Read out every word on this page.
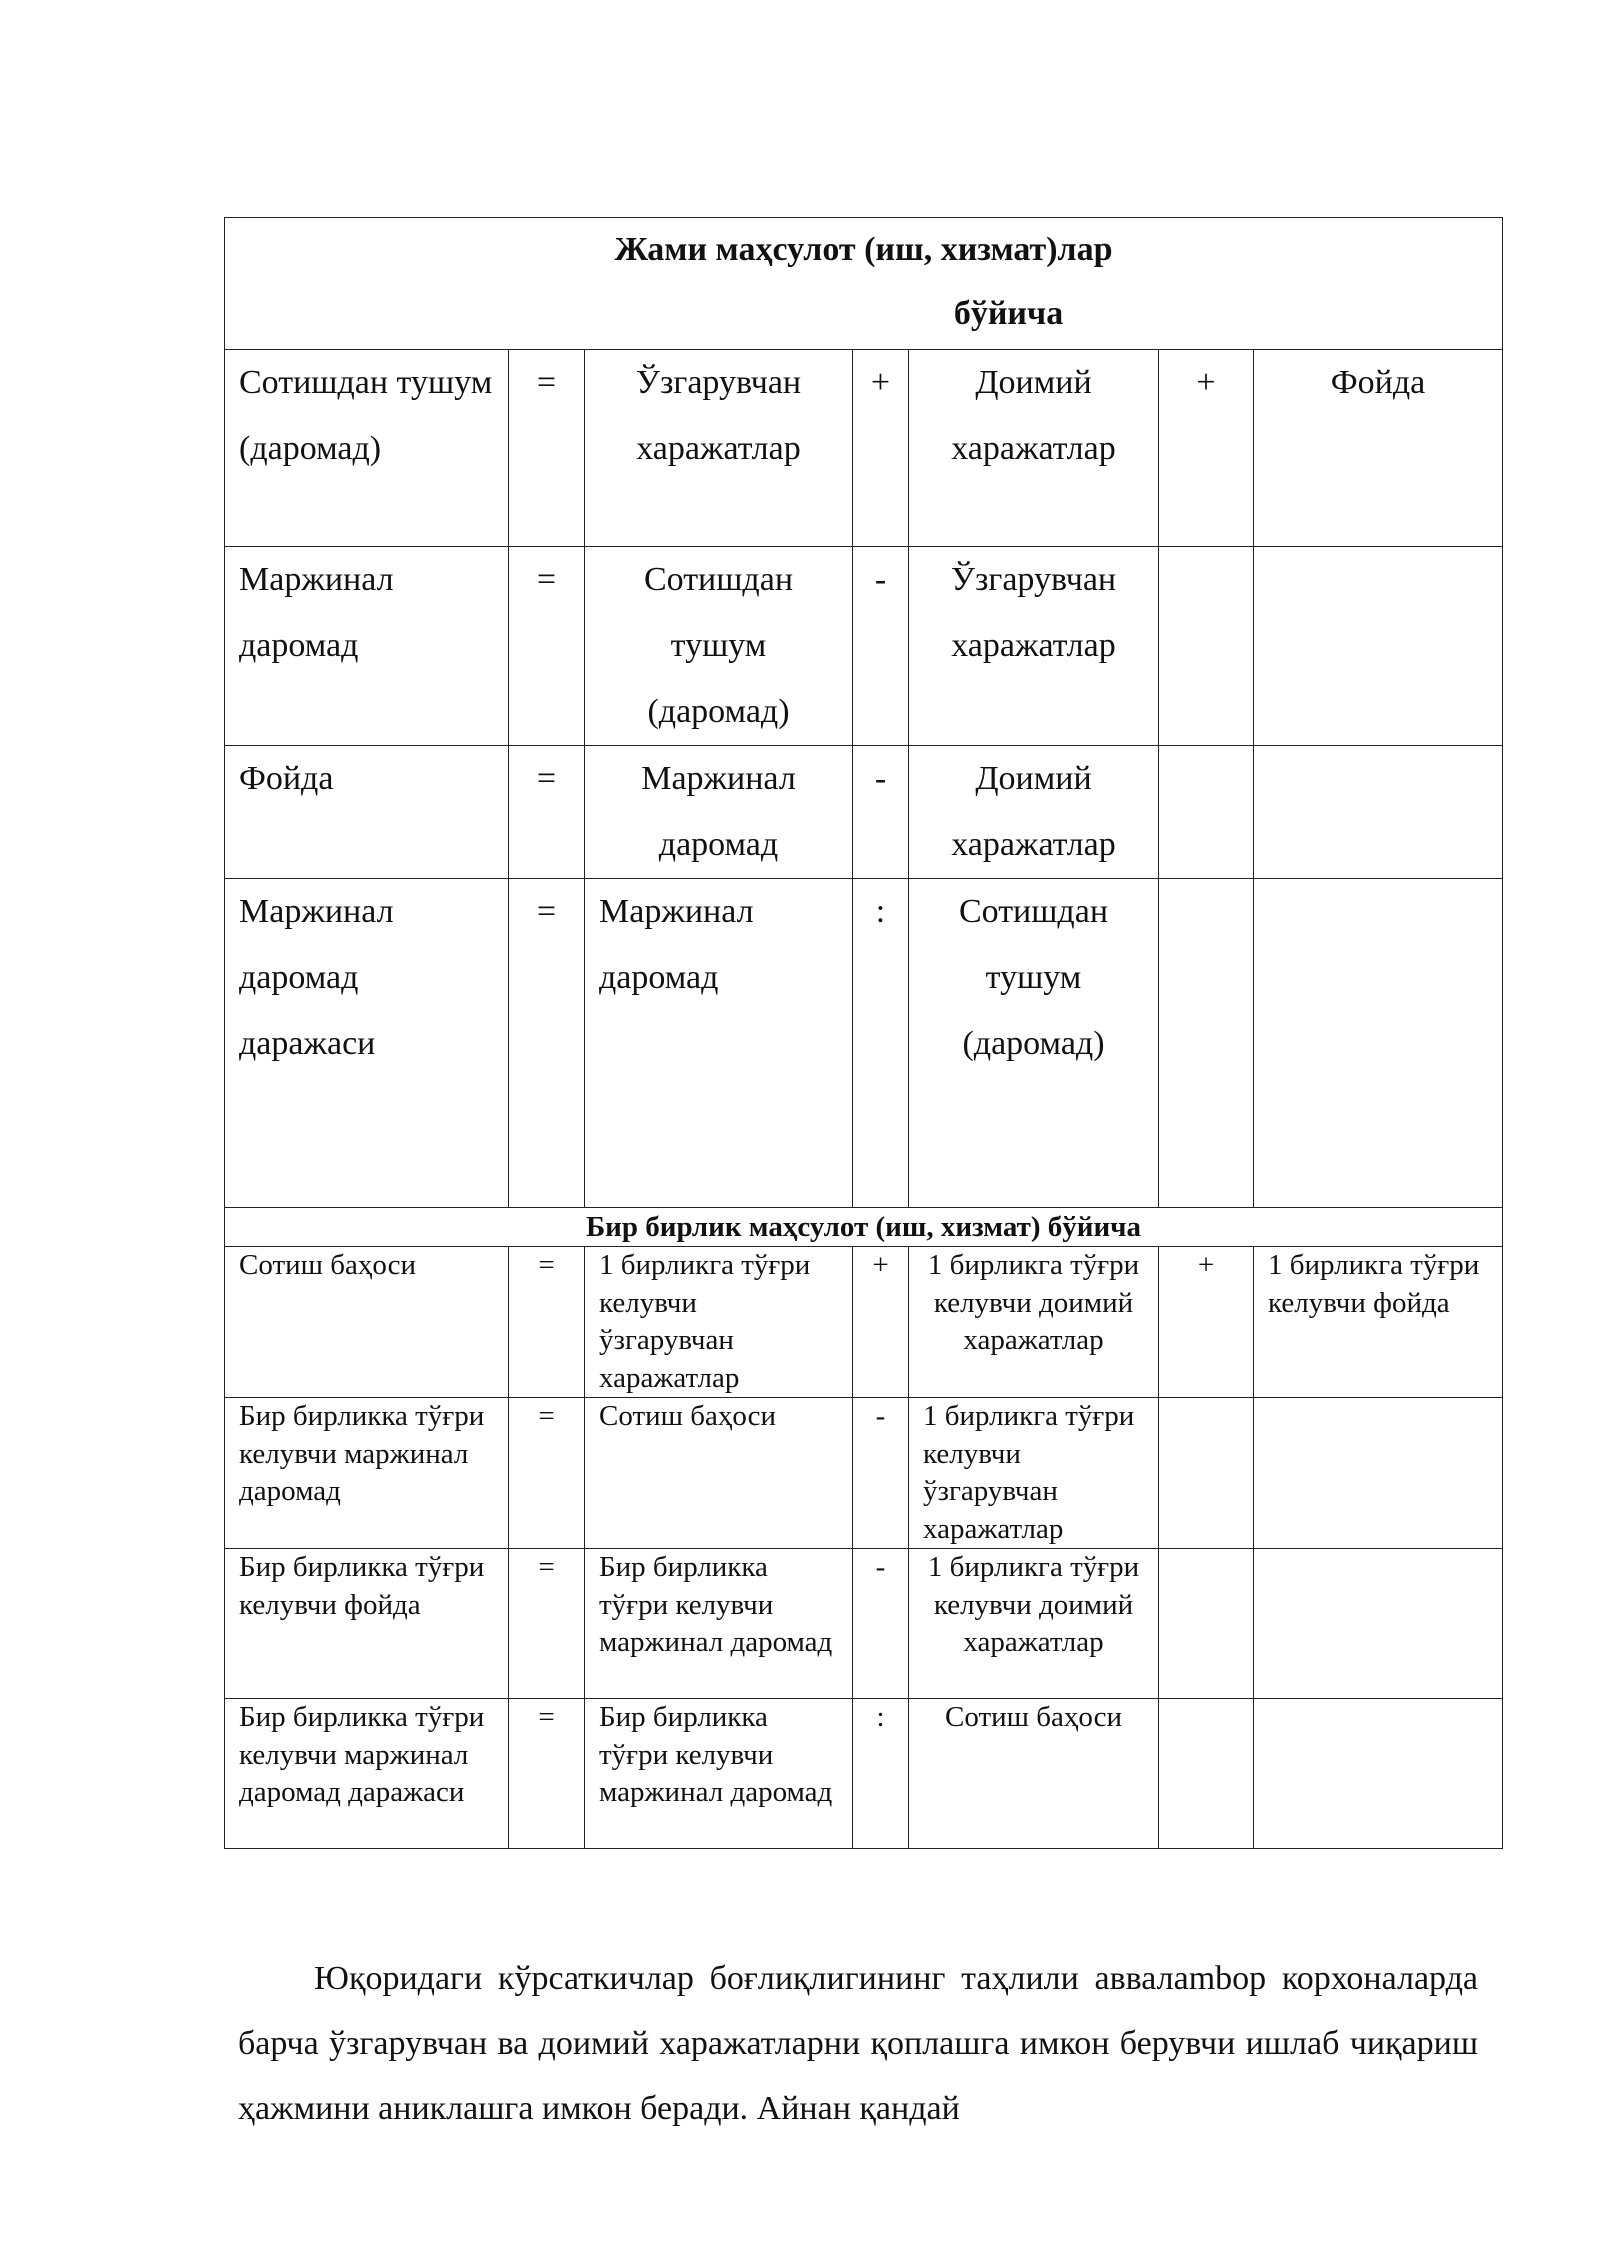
Жами маҳсулот (иш, хизмат)лар
бўйича						

Сотишдан тушум (даромад)	=	Ўзгарувчан харажатлар	+	Доимий харажатлар	+	Фойда
Маржинал даромад	=	Сотишдан тушум (даромад)	-	Ўзгарувчан харажатлар		
Фойда	=	Маржинал даромад	-	Доимий харажатлар		
Маржинал даромад даражаси	=	Маржинал даромад	:	Сотишдан тушум (даромад)		
Бир бирлик маҳсулот (иш, хизмат) бўйича						
Сотиш баҳоси	=	1 бирликга тўғри келувчи ўзгарувчан харажатлар	+	1 бирликга тўғри келувчи доимий харажатлар	+	1 бирликга тўғри келувчи фойда
Бир бирликка тўғри келувчи маржинал даромад	=	Сотиш баҳоси	-	1 бирликга тўғри келувчи ўзгарувчан харажатлар		
Бир бирликка тўғри келувчи фойда	=	Бир бирликка тўғри келувчи маржинал даромад	-	1 бирликга тўғри келувчи доимий харажатлар		
Бир бирликка тўғри келувчи маржинал даромад даражаси	=	Бир бирликка тўғри келувчи маржинал даромад	:	Сотиш баҳоси		

Юқоридаги кўрсаткичлар боғлиқлигининг таҳлили аввалambор корхоналарда барча ўзгарувчан ва доимий харажатларни қоплашга имкон берувчи ишлаб чиқариш ҳажмини аниклашга имкон беради. Айнан қандай
